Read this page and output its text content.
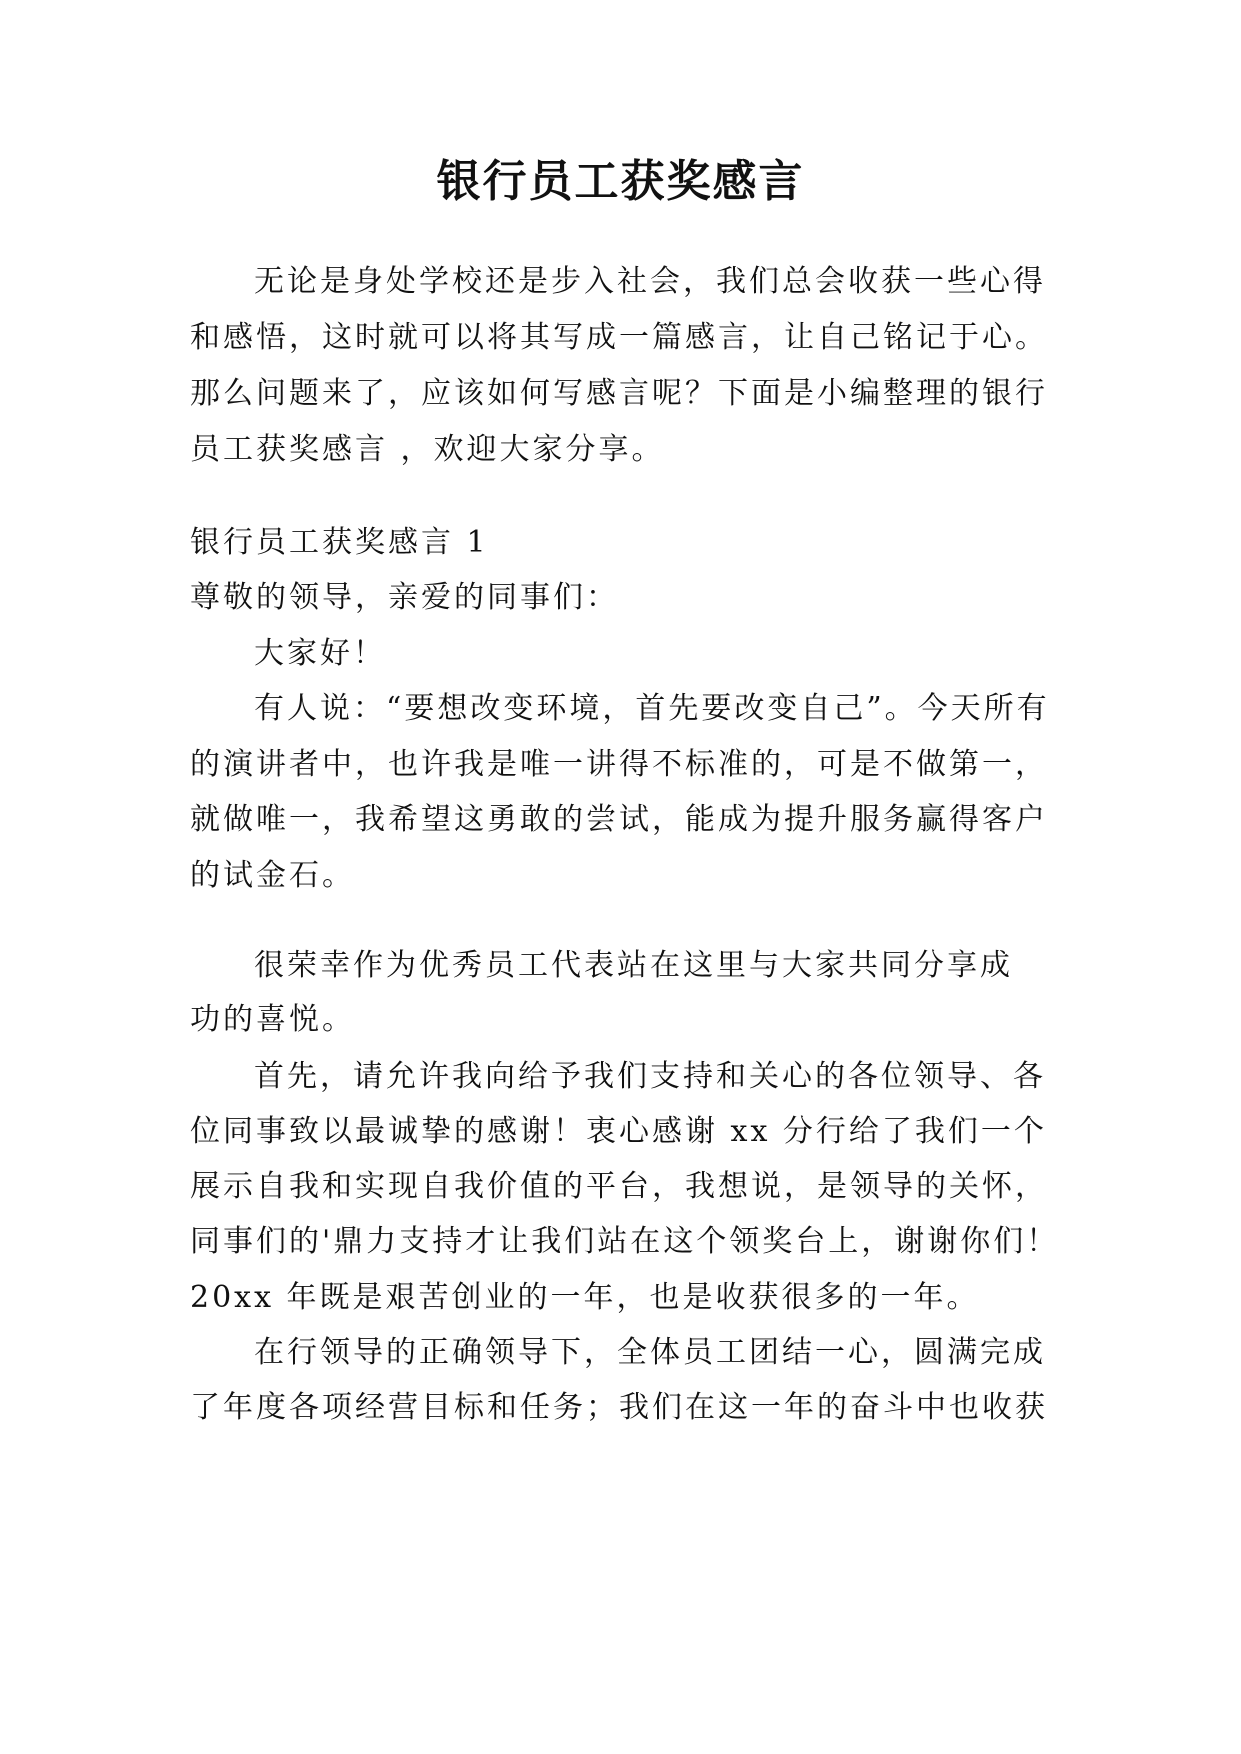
银行员工获奖感言
无论是身处学校还是步入社会，我们总会收获一些心得
和感悟，这时就可以将其写成一篇感言，让自己铭记于心。
那么问题来了，应该如何写感言呢？下面是小编整理的银行
员工获奖感言 ，欢迎大家分享。
银行员工获奖感言 1
尊敬的领导，亲爱的同事们：
大家好！
有人说：“要想改变环境，首先要改变自己”。今天所有
的演讲者中，也许我是唯一讲得不标准的，可是不做第一，
就做唯一，我希望这勇敢的尝试，能成为提升服务赢得客户
的试金石。
很荣幸作为优秀员工代表站在这里与大家共同分享成
功的喜悦。
首先，请允许我向给予我们支持和关心的各位领导、各
位同事致以最诚挚的感谢！衷心感谢 xx 分行给了我们一个
展示自我和实现自我价值的平台，我想说，是领导的关怀，
同事们的'鼎力支持才让我们站在这个领奖台上，谢谢你们！
20xx 年既是艰苦创业的一年，也是收获很多的一年。
在行领导的正确领导下，全体员工团结一心，圆满完成
了年度各项经营目标和任务；我们在这一年的奋斗中也收获
